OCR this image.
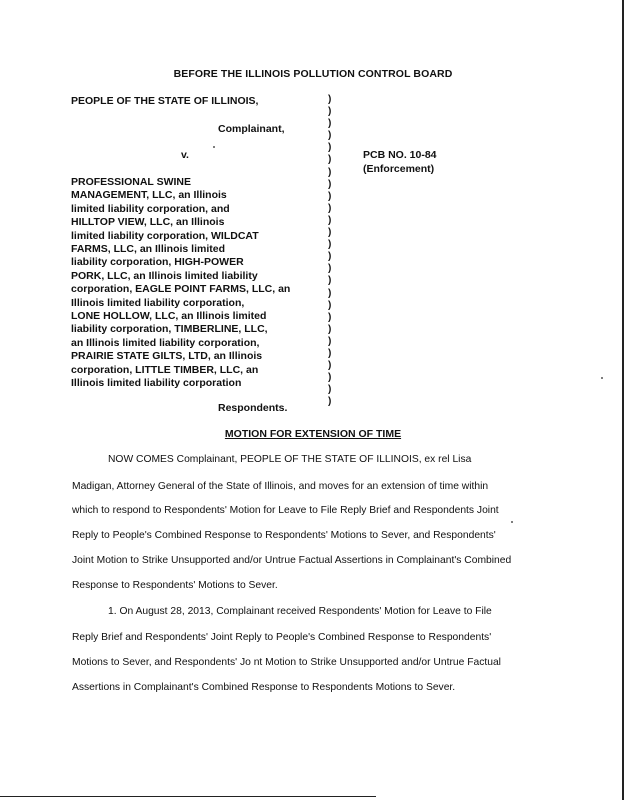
BEFORE THE ILLINOIS POLLUTION CONTROL BOARD
PEOPLE OF THE STATE OF ILLINOIS,
Complainant,
v.
PROFESSIONAL SWINE
MANAGEMENT, LLC, an Illinois
limited liability corporation, and
HILLTOP VIEW, LLC, an Illinois
limited liability corporation, WILDCAT
FARMS, LLC, an Illinois limited
liability corporation, HIGH-POWER
PORK, LLC, an Illinois limited liability
corporation, EAGLE POINT FARMS, LLC, an
Illinois limited liability corporation,
LONE HOLLOW, LLC, an Illinois limited
liability corporation, TIMBERLINE, LLC,
an Illinois limited liability corporation,
PRAIRIE STATE GILTS, LTD, an Illinois
corporation, LITTLE TIMBER, LLC, an
Illinois limited liability corporation
Respondents.
)
)
)
)
)
)
)
)
)
)
)
)
)
)
)
)
)
)
)
)
)
)
)
)
)
)
PCB NO. 10-84
(Enforcement)
MOTION FOR EXTENSION OF TIME
NOW COMES Complainant, PEOPLE OF THE STATE OF ILLINOIS, ex rel Lisa
Madigan, Attorney General of the State of Illinois, and moves for an extension of time within
which to respond to Respondents' Motion for Leave to File Reply Brief and Respondents Joint
Reply to People's Combined Response to Respondents' Motions to Sever, and Respondents'
Joint Motion to Strike Unsupported and/or Untrue Factual Assertions in Complainant's Combined
Response to Respondents' Motions to Sever.
1. On August 28, 2013, Complainant received Respondents' Motion for Leave to File
Reply Brief and Respondents' Joint Reply to People's Combined Response to Respondents'
Motions to Sever, and Respondents' Jo nt Motion to Strike Unsupported and/or Untrue Factual
Assertions in Complainant's Combined Response to Respondents Motions to Sever.
